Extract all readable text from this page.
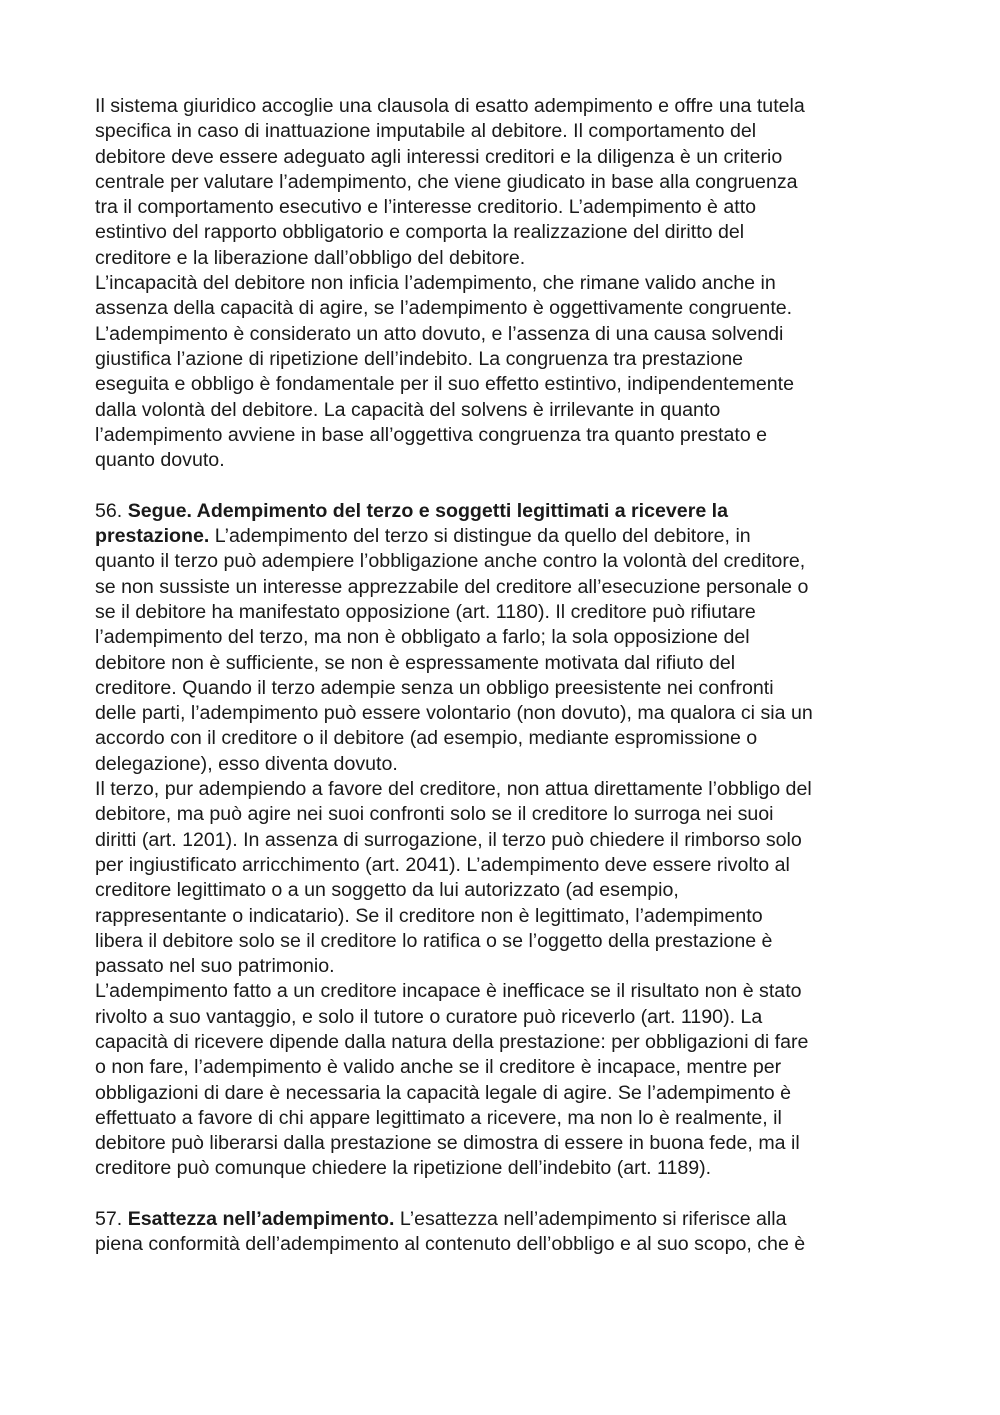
Il sistema giuridico accoglie una clausola di esatto adempimento e offre una tutela
specifica in caso di inattuazione imputabile al debitore. Il comportamento del
debitore deve essere adeguato agli interessi creditori e la diligenza è un criterio
centrale per valutare l’adempimento, che viene giudicato in base alla congruenza
tra il comportamento esecutivo e l’interesse creditorio. L’adempimento è atto
estintivo del rapporto obbligatorio e comporta la realizzazione del diritto del
creditore e la liberazione dall’obbligo del debitore.
L’incapacità del debitore non inficia l’adempimento, che rimane valido anche in
assenza della capacità di agire, se l’adempimento è oggettivamente congruente.
L’adempimento è considerato un atto dovuto, e l’assenza di una causa solvendi
giustifica l’azione di ripetizione dell’indebito. La congruenza tra prestazione
eseguita e obbligo è fondamentale per il suo effetto estintivo, indipendentemente
dalla volontà del debitore. La capacità del solvens è irrilevante in quanto
l’adempimento avviene in base all’oggettiva congruenza tra quanto prestato e
quanto dovuto.
56. Segue. Adempimento del terzo e soggetti legittimati a ricevere la
prestazione. L’adempimento del terzo si distingue da quello del debitore, in
quanto il terzo può adempiere l’obbligazione anche contro la volontà del creditore,
se non sussiste un interesse apprezzabile del creditore all’esecuzione personale o
se il debitore ha manifestato opposizione (art. 1180). Il creditore può rifiutare
l’adempimento del terzo, ma non è obbligato a farlo; la sola opposizione del
debitore non è sufficiente, se non è espressamente motivata dal rifiuto del
creditore. Quando il terzo adempie senza un obbligo preesistente nei confronti
delle parti, l’adempimento può essere volontario (non dovuto), ma qualora ci sia un
accordo con il creditore o il debitore (ad esempio, mediante espromissione o
delegazione), esso diventa dovuto.
Il terzo, pur adempiendo a favore del creditore, non attua direttamente l’obbligo del
debitore, ma può agire nei suoi confronti solo se il creditore lo surroga nei suoi
diritti (art. 1201). In assenza di surrogazione, il terzo può chiedere il rimborso solo
per ingiustificato arricchimento (art. 2041). L’adempimento deve essere rivolto al
creditore legittimato o a un soggetto da lui autorizzato (ad esempio,
rappresentante o indicatario). Se il creditore non è legittimato, l’adempimento
libera il debitore solo se il creditore lo ratifica o se l’oggetto della prestazione è
passato nel suo patrimonio.
L’adempimento fatto a un creditore incapace è inefficace se il risultato non è stato
rivolto a suo vantaggio, e solo il tutore o curatore può riceverlo (art. 1190). La
capacità di ricevere dipende dalla natura della prestazione: per obbligazioni di fare
o non fare, l’adempimento è valido anche se il creditore è incapace, mentre per
obbligazioni di dare è necessaria la capacità legale di agire. Se l’adempimento è
effettuato a favore di chi appare legittimato a ricevere, ma non lo è realmente, il
debitore può liberarsi dalla prestazione se dimostra di essere in buona fede, ma il
creditore può comunque chiedere la ripetizione dell’indebito (art. 1189).
57. Esattezza nell’adempimento. L’esattezza nell’adempimento si riferisce alla
piena conformità dell’adempimento al contenuto dell’obbligo e al suo scopo, che è
